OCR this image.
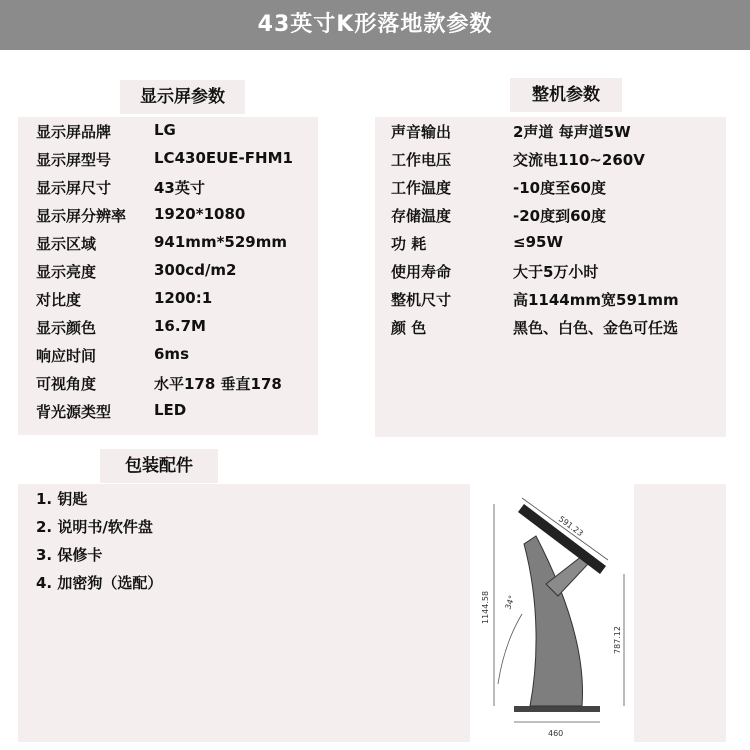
43英寸K形落地款参数
显示屏参数
显示屏品牌	LG
显示屏型号	LC430EUE-FHM1
显示屏尺寸	43英寸
显示屏分辨率 1920*1080
显示区域	941mm*529mm
显示亮度	300cd/m2
对比度	1200:1
显示颜色	16.7M
响应时间	6ms
可视角度	水平178 垂直178
背光源类型	LED
整机参数
声音输出	2声道 每声道5W
工作电压	交流电110~260V
工作温度	-10度至60度
存储温度	-20度到60度
功 耗	≤95W
使用寿命	大于5万小时
整机尺寸	高1144mm宽591mm
颜 色	黑色、白色、金色可任选
包装配件
1. 钥匙
2. 说明书/软件盘
3. 保修卡
4. 加密狗（选配）
591.23
1144.58
787.12
34°
460
